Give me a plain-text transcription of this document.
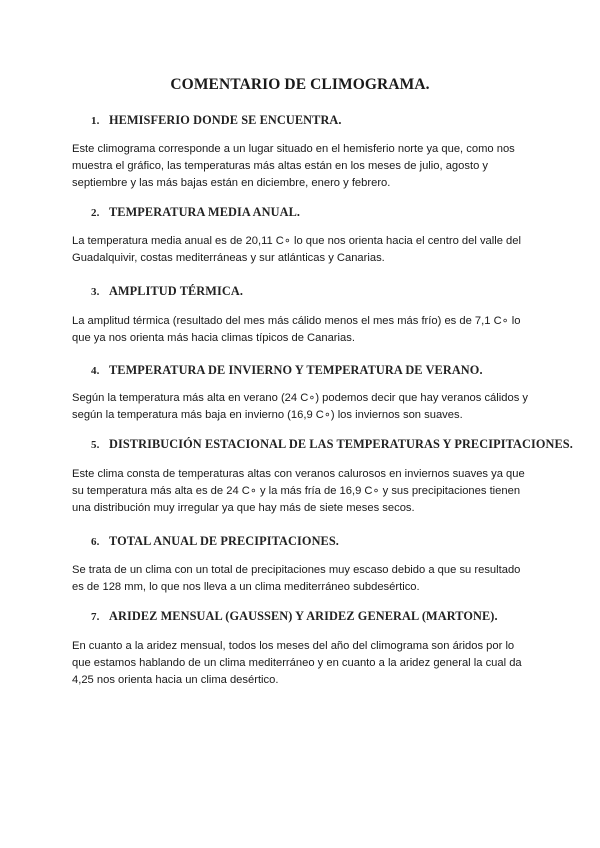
COMENTARIO DE CLIMOGRAMA.
1. HEMISFERIO DONDE SE ENCUENTRA.

Este climograma corresponde a un lugar situado en el hemisferio norte ya que, como nos muestra el gráfico, las temperaturas más altas están en los meses de julio, agosto y septiembre y las más bajas están en diciembre, enero y febrero.

2. TEMPERATURA MEDIA ANUAL.

La temperatura media anual es de 20,11 C∘ lo que nos orienta hacia el centro del valle del Guadalquivir, costas mediterráneas y sur atlánticas y Canarias.

3. AMPLITUD TÉRMICA.

La amplitud térmica (resultado del mes más cálido menos el mes más frío) es de 7,1 C∘ lo que ya nos orienta más hacia climas típicos de Canarias.

4. TEMPERATURA DE INVIERNO Y TEMPERATURA DE VERANO.

Según la temperatura más alta en verano (24 C∘) podemos decir que hay veranos cálidos y según la temperatura más baja en invierno (16,9 C∘) los inviernos son suaves.

5. DISTRIBUCIÓN ESTACIONAL DE LAS TEMPERATURAS Y PRECIPITACIONES.

Este clima consta de temperaturas altas con veranos calurosos en inviernos suaves ya que su temperatura más alta es de 24 C∘ y la más fría de 16,9 C∘ y sus precipitaciones tienen una distribución muy irregular ya que hay más de siete meses secos.

6. TOTAL ANUAL DE PRECIPITACIONES.

Se trata de un clima con un total de precipitaciones muy escaso debido a que su resultado es de 128 mm, lo que nos lleva a un clima mediterráneo subdesértico.

7. ARIDEZ MENSUAL (GAUSSEN) Y ARIDEZ GENERAL (MARTONE).

En cuanto a la aridez mensual, todos los meses del año del climograma son áridos por lo que estamos hablando de un clima mediterráneo y en cuanto a la aridez general la cual da 4,25 nos orienta hacia un clima desértico.
